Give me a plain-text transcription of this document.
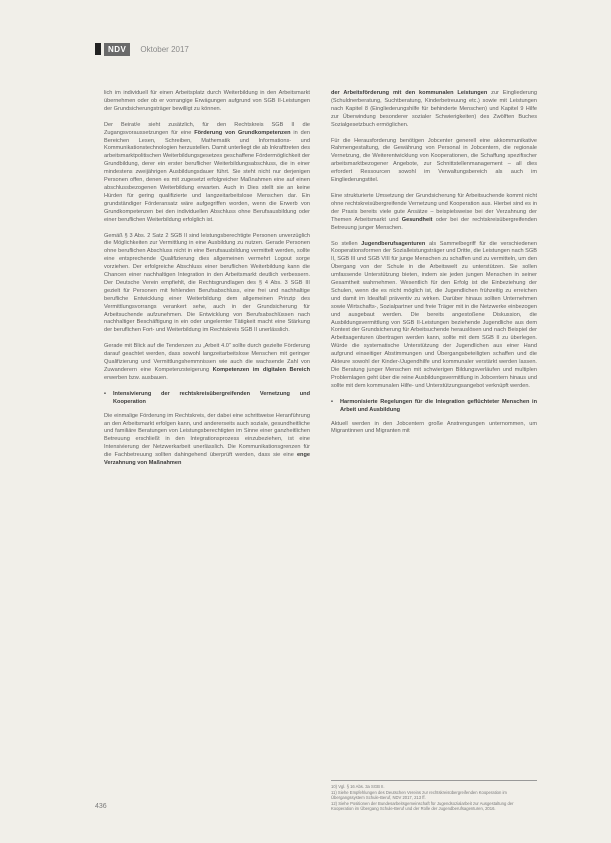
NDV	Oktober 2017

lich im individuell für einen Arbeitsplatz durch Weiterbildung in den Arbeitsmarkt übernehmen oder ob er vorrangige Erwägungen aufgrund von SGB II-Leistungen der Grundsicherungsträger bewilligt zu können.

Der Beirat/e sieht zusätzlich, für den Rechtskreis SGB II die Zugangsvoraussetzungen für eine Förderung von Grundkompetenzen in den Bereichen Lesen, Schreiben, Mathematik und Informations- und Kommunikationstechnologien herzustellen. Damit unterliegt die ab Inkrafttreten des arbeitsmarktpolitischen Weiterbildungsgesetzes geschaffene Fördermöglichkeit der Grundbildung, derer ein erster beruflicher Weiterbildungsabschluss, die in einer mindestens zweijährigen Ausbildungsdauer führt. Sie steht nicht nur derjenigen Personen offen, denen es mit zugesetzt erfolgreicher Maßnahmen eine auf einen abschlussbezogenen Weiterbildung erwarten. Auch in Dies stellt sie an keine Hürden für gering qualifizierte und langzeitarbeitslose Menschen dar. Ein grundständiger Förderansatz wäre aufgegriffen worden, wenn die Erwerb von Grundkompetenzen bei den individuellen Abschluss ohne Berufsausbildung oder einer beruflichen Weiterbildung erfolglich ist.

Gemäß § 3 Abs. 2 Satz 2 SGB II sind leistungsberechtigte Personen unverzüglich die Möglichkeiten zur Vermittlung in eine Ausbildung zu nutzen. Gerade Personen ohne beruflichen Abschluss nicht in eine Berufsausbildung vermittelt werden, sollte eine entsprechende Qualifizierung dies allgemeinen vermehrt Logout sorge vorziehen. Der erfolgreiche Abschluss einer beruflichen Weiterbildung kann die Chancen einer nachhaltigen Integration in den Arbeitsmarkt deutlich verbessern. Der Deutsche Verein empfiehlt, die Rechtsgrundlagen des § 4 Abs. 3 SGB III gezielt für Personen mit fehlenden Berufsabschluss, eine frei und nachhaltige berufliche Entwicklung einer Weiterbildung dem allgemeinen Prinzip des Vermittlungsvorrangs verankert sehe, auch in der Grundsicherung für Arbeitsuchende aufzunehmen. Die Entwicklung von Berufsabschlüssen nach nachhaltiger Beschäftigung in ein oder ungelernter Tätigkeit macht eine Stärkung der beruflichen Fort- und Weiterbildung im Rechtskreis SGB II unerlässlich.

Gerade mit Blick auf die Tendenzen zu „Arbeit 4.0“ sollte durch gezielte Förderung darauf geachtet werden, dass sowohl langzeitarbeitslose Menschen mit geringer Qualifizierung und Vermittlungshemmnissen wie auch die wachsende Zahl von Zuwanderern eine Kompetenzsteigerung Kompetenzen im digitalen Bereich erwerben bzw. ausbauen.

•	Intensivierung der rechtskreisübergreifenden Vernetzung und Kooperation

Die einmalige Förderung im Rechtskreis, der dabei eine schrittweise Heranführung an den Arbeitsmarkt erfolgen kann, und andererseits auch soziale, gesundheitliche und familiäre Beratungen von Leistungsberechtigten im Sinne einer ganzheitlichen Betreuung erschließt in den Integrationsprozess einzubeziehen, ist eine Intensivierung der Netzwerkarbeit unerlässlich. Die Kommunikationsgrenzen für die Fachbetreuung sollten dahingehend überprüft werden, dass sie eine enge Verzahnung von Maßnahmen

der Arbeitsförderung mit den kommunalen Leistungen zur Eingliederung (Schuldnerberatung, Suchtberatung, Kinderbetreuung etc.) sowie mit Leistungen nach Kapitel 8 (Eingliederungshilfe für behinderte Menschen) und Kapitel 9 Hilfe zur Überwindung besonderer sozialer Schwierigkeiten) des Zwölften Buches Sozialgesetzbuch ermöglichen.

Für die Herausforderung benötigen Jobcenter generell eine akkommunikative Rahmengestaltung, die Gewährung von Personal in Jobcentern, die regionale Vernetzung, die Weiterentwicklung von Kooperationen, die Schaffung spezifischer arbeitsmarktbezogener Angebote, zur Schnittstellenmanagement – all dies erfordert Ressourcen sowohl im Verwaltungsbereich als auch im Eingliederungstitel.

Eine strukturierte Umsetzung der Grundsicherung für Arbeitsuchende kommt nicht ohne rechtskreisübergreifende Vernetzung und Kooperation aus. Hierbei sind es in der Praxis bereits viele gute Ansätze – beispielsweise bei der Verzahnung der Themen Arbeitsmarkt und Gesundheit oder bei der rechtskreisübergreifenden Betreuung junger Menschen.

So stellen Jugendberufsagenturen als Sammelbegriff für die verschiedenen Kooperationsformen der Sozialleistungsträger und Dritte, die Leistungen nach SGB II, SGB III und SGB VIII für junge Menschen zu schaffen und zu vermitteln, um den Übergang von der Schule in die Arbeitswelt zu unterstützen. Sie sollen umfassende Unterstützung bieten, indem sie jeden jungen Menschen in seiner Gesamtheit wahrnehmen. Wesentlich für den Erfolg ist die Einbeziehung der Schulen, wenn die es nicht möglich ist, die Jugendlichen frühzeitig zu erreichen und damit im Idealfall präventiv zu wirken. Darüber hinaus sollten Unternehmen sowie Wirtschafts-, Sozialpartner und freie Träger mit in die Netzwerke einbezogen und ausgebaut werden. Die bereits angestoßene Diskussion, die Ausbildungsvermittlung von SGB II-Leistungen beziehende Jugendliche aus dem Kontext der Grundsicherung für Arbeitsuchende herauslösen und nach Beispiel der Arbeitsagenturen übertragen werden kann, sollte mit dem SGB II zu überlegen. Würde die systematische Unterstützung der Jugendlichen aus einer Hand aufgrund einseitiger Abstimmungen und Übergangsbeteiligten schaffen und die Akteure sowohl der Kinder-/Jugendhilfe und kommunaler verstärkt werden lassen. Die Beratung junger Menschen mit schwierigen Bildungsverläufen und multiplen Problemlagen geht über die reine Ausbildungsvermittlung in Jobcentern hinaus und sollte mit dem kommunalen Hilfe- und Unterstützungsangebot verknüpft werden.

•	Harmonisierte Regelungen für die Integration geflüchteter Menschen in Arbeit und Ausbildung

Aktuell werden in den Jobcentern große Anstrengungen unternommen, um Migrantinnen und Migranten mit

10) Vgl. § 16 Abs. 3a SGB II.
11) Siehe Empfehlungen des Deutschen Vereins zur rechtskreisübergreifenden Kooperation im Übergangssystem Schule-Beruf, NDV 2017, 213 ff.
12) Siehe Positionen der Bundesarbeitsgemeinschaft für Jugendsozialarbeit zur Ausgestaltung der Kooperation im Übergang Schule-Beruf und der Rolle der Jugendberufsagenturen, 2016.
436
